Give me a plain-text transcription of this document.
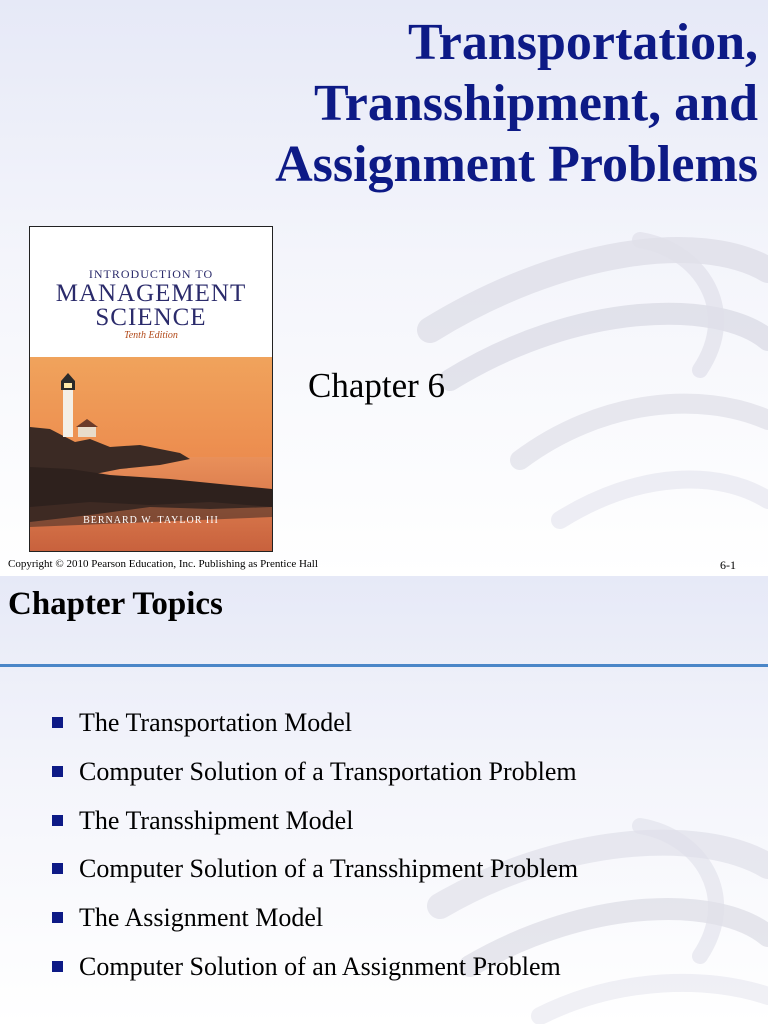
Transportation,
Transshipment, and
Assignment Problems
INTRODUCTION TO
MANAGEMENT
SCIENCE
Tenth Edition
BERNARD W. TAYLOR III
Chapter 6
Copyright © 2010 Pearson Education, Inc. Publishing as Prentice Hall	6-1
Chapter Topics
The Transportation Model
Computer Solution of a Transportation Problem
The Transshipment Model
Computer Solution of a Transshipment Problem
The Assignment Model
Computer Solution of an Assignment Problem
